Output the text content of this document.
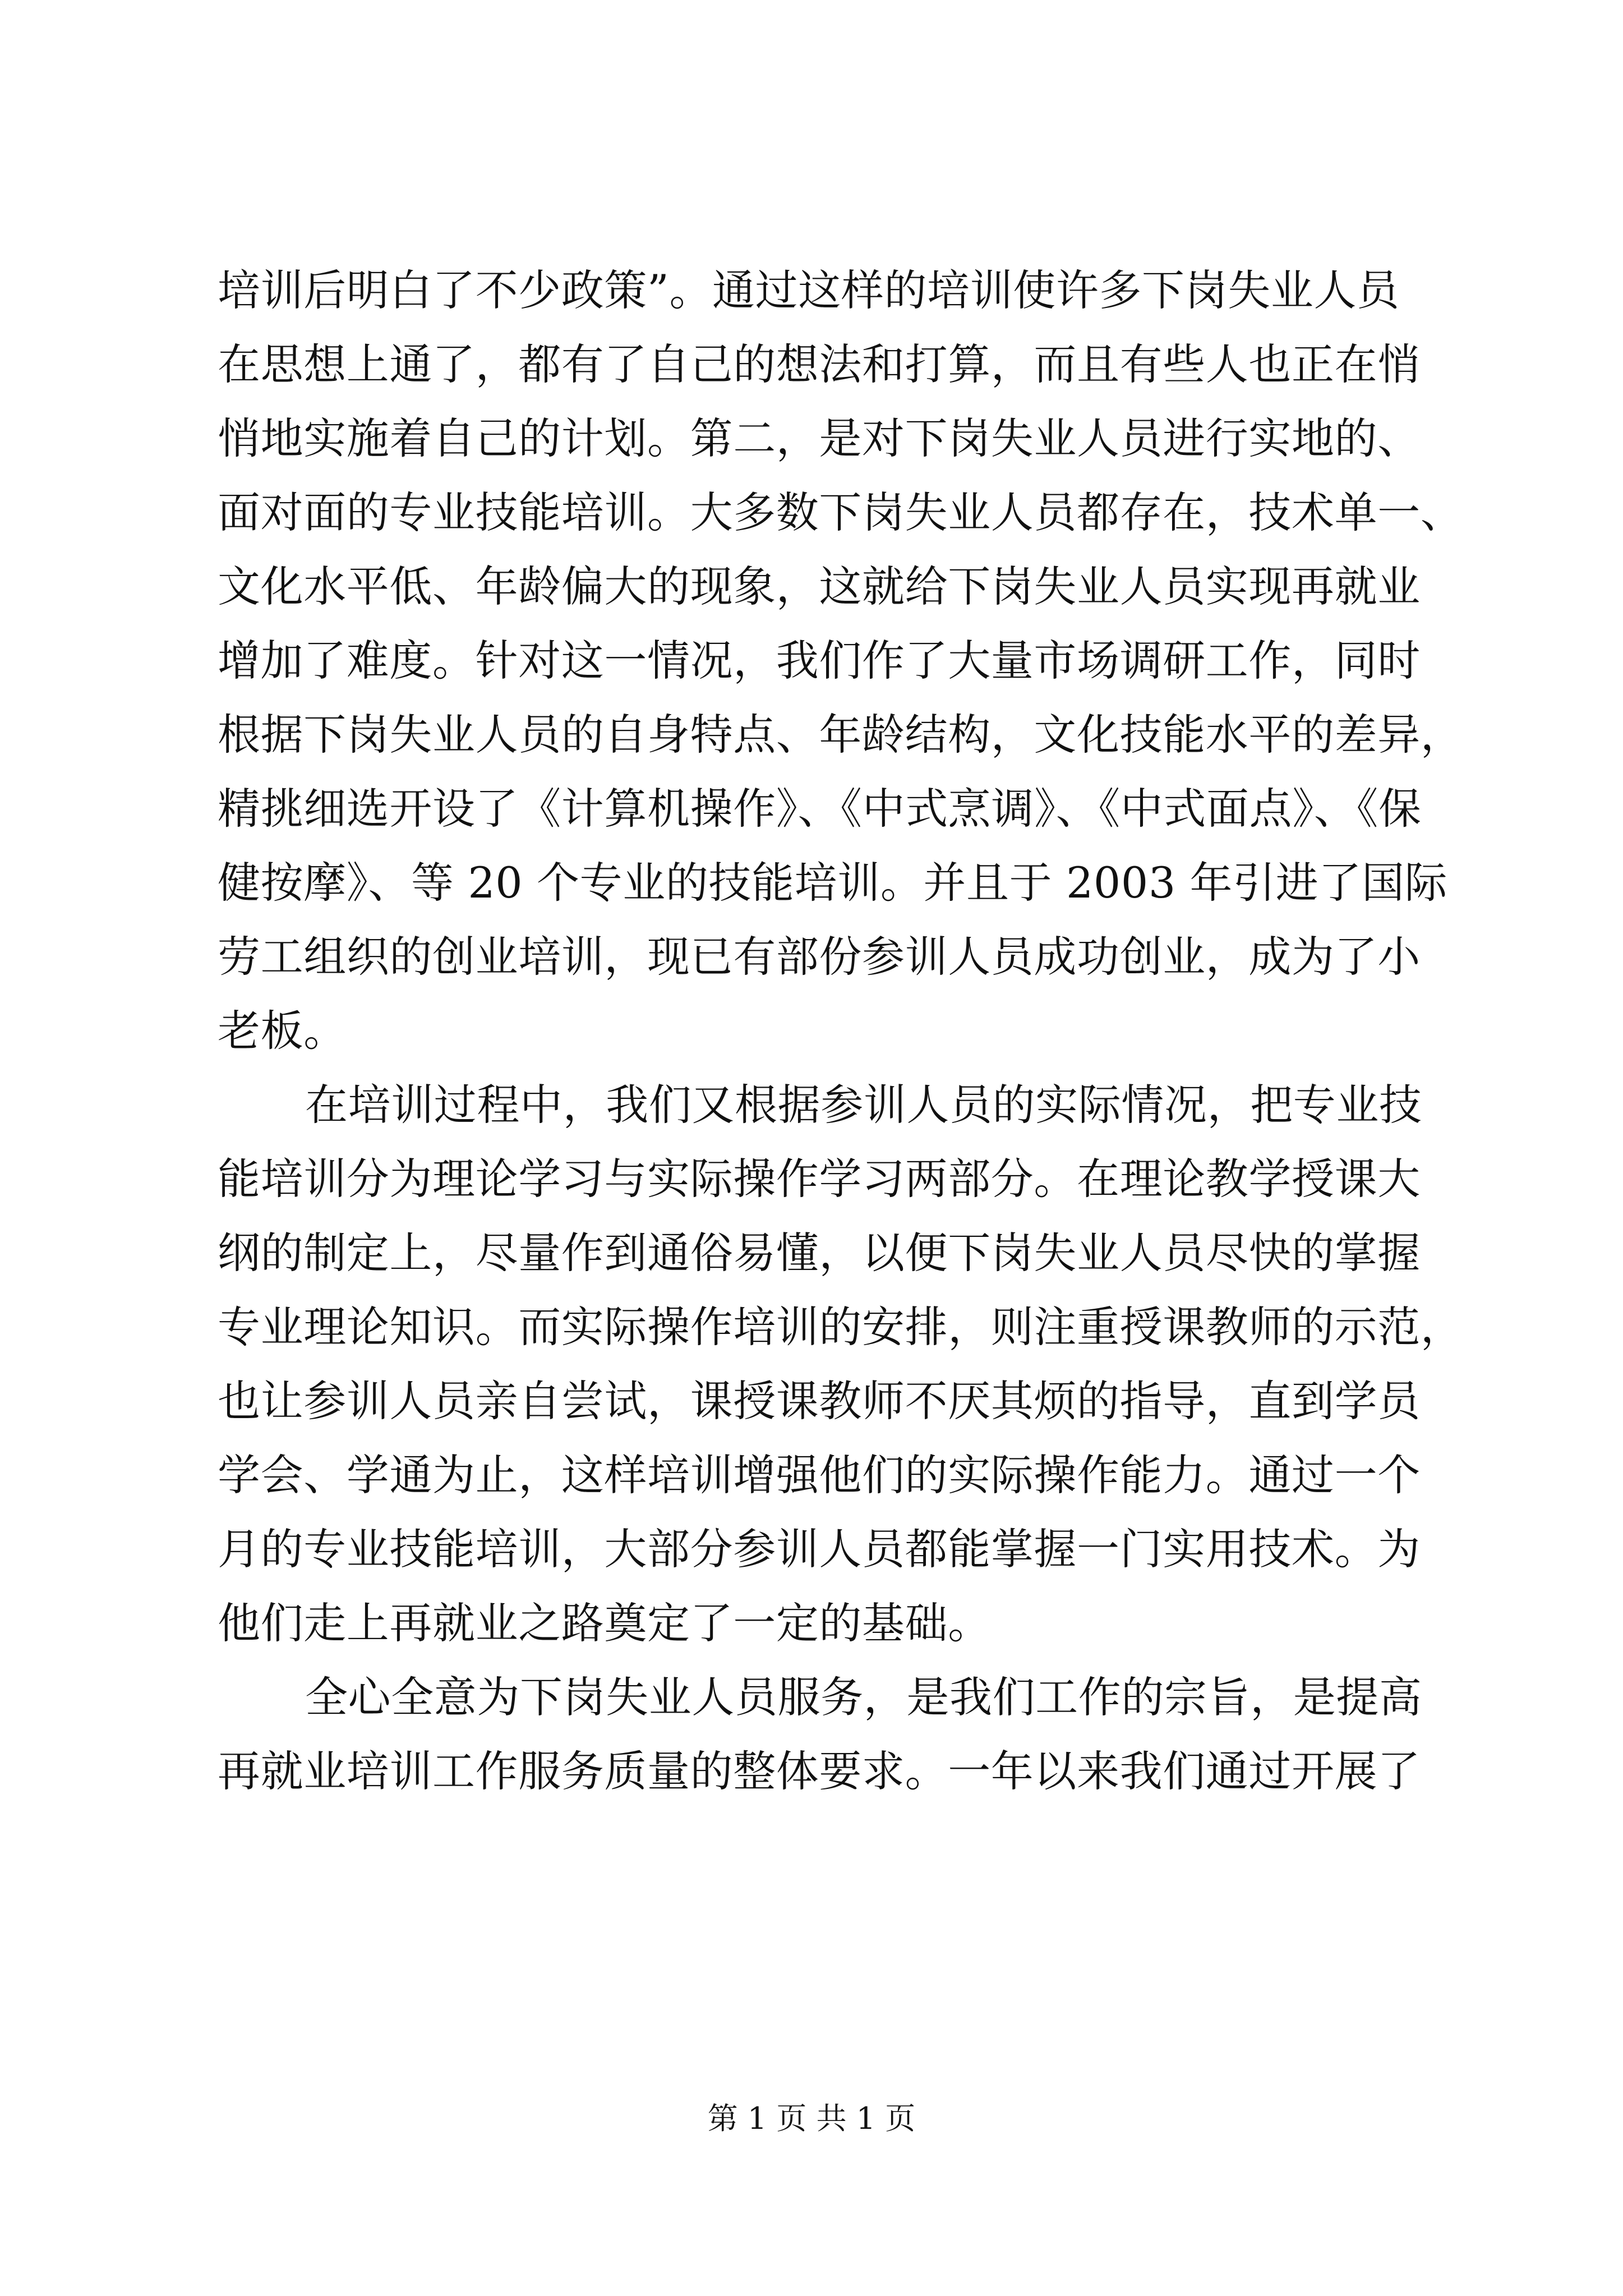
培训后明白了不少政策”。通过这样的培训使许多下岗失业人员
在思想上通了，都有了自己的想法和打算，而且有些人也正在悄
悄地实施着自己的计划。第二，是对下岗失业人员进行实地的、
面对面的专业技能培训。大多数下岗失业人员都存在，技术单一、
文化水平低、年龄偏大的现象，这就给下岗失业人员实现再就业
增加了难度。针对这一情况，我们作了大量市场调研工作，同时
根据下岗失业人员的自身特点、年龄结构，文化技能水平的差异，
精挑细选开设了《计算机操作》、《中式烹调》、《中式面点》、《保
健按摩》、等 20 个专业的技能培训。并且于 2003 年引进了国际
劳工组织的创业培训，现已有部份参训人员成功创业，成为了小
老板。
在培训过程中，我们又根据参训人员的实际情况，把专业技
能培训分为理论学习与实际操作学习两部分。在理论教学授课大
纲的制定上，尽量作到通俗易懂，以便下岗失业人员尽快的掌握
专业理论知识。而实际操作培训的安排，则注重授课教师的示范，
也让参训人员亲自尝试，课授课教师不厌其烦的指导，直到学员
学会、学通为止，这样培训增强他们的实际操作能力。通过一个
月的专业技能培训，大部分参训人员都能掌握一门实用技术。为
他们走上再就业之路奠定了一定的基础。
全心全意为下岗失业人员服务，是我们工作的宗旨，是提高
再就业培训工作服务质量的整体要求。一年以来我们通过开展了
第 1 页 共 1 页
